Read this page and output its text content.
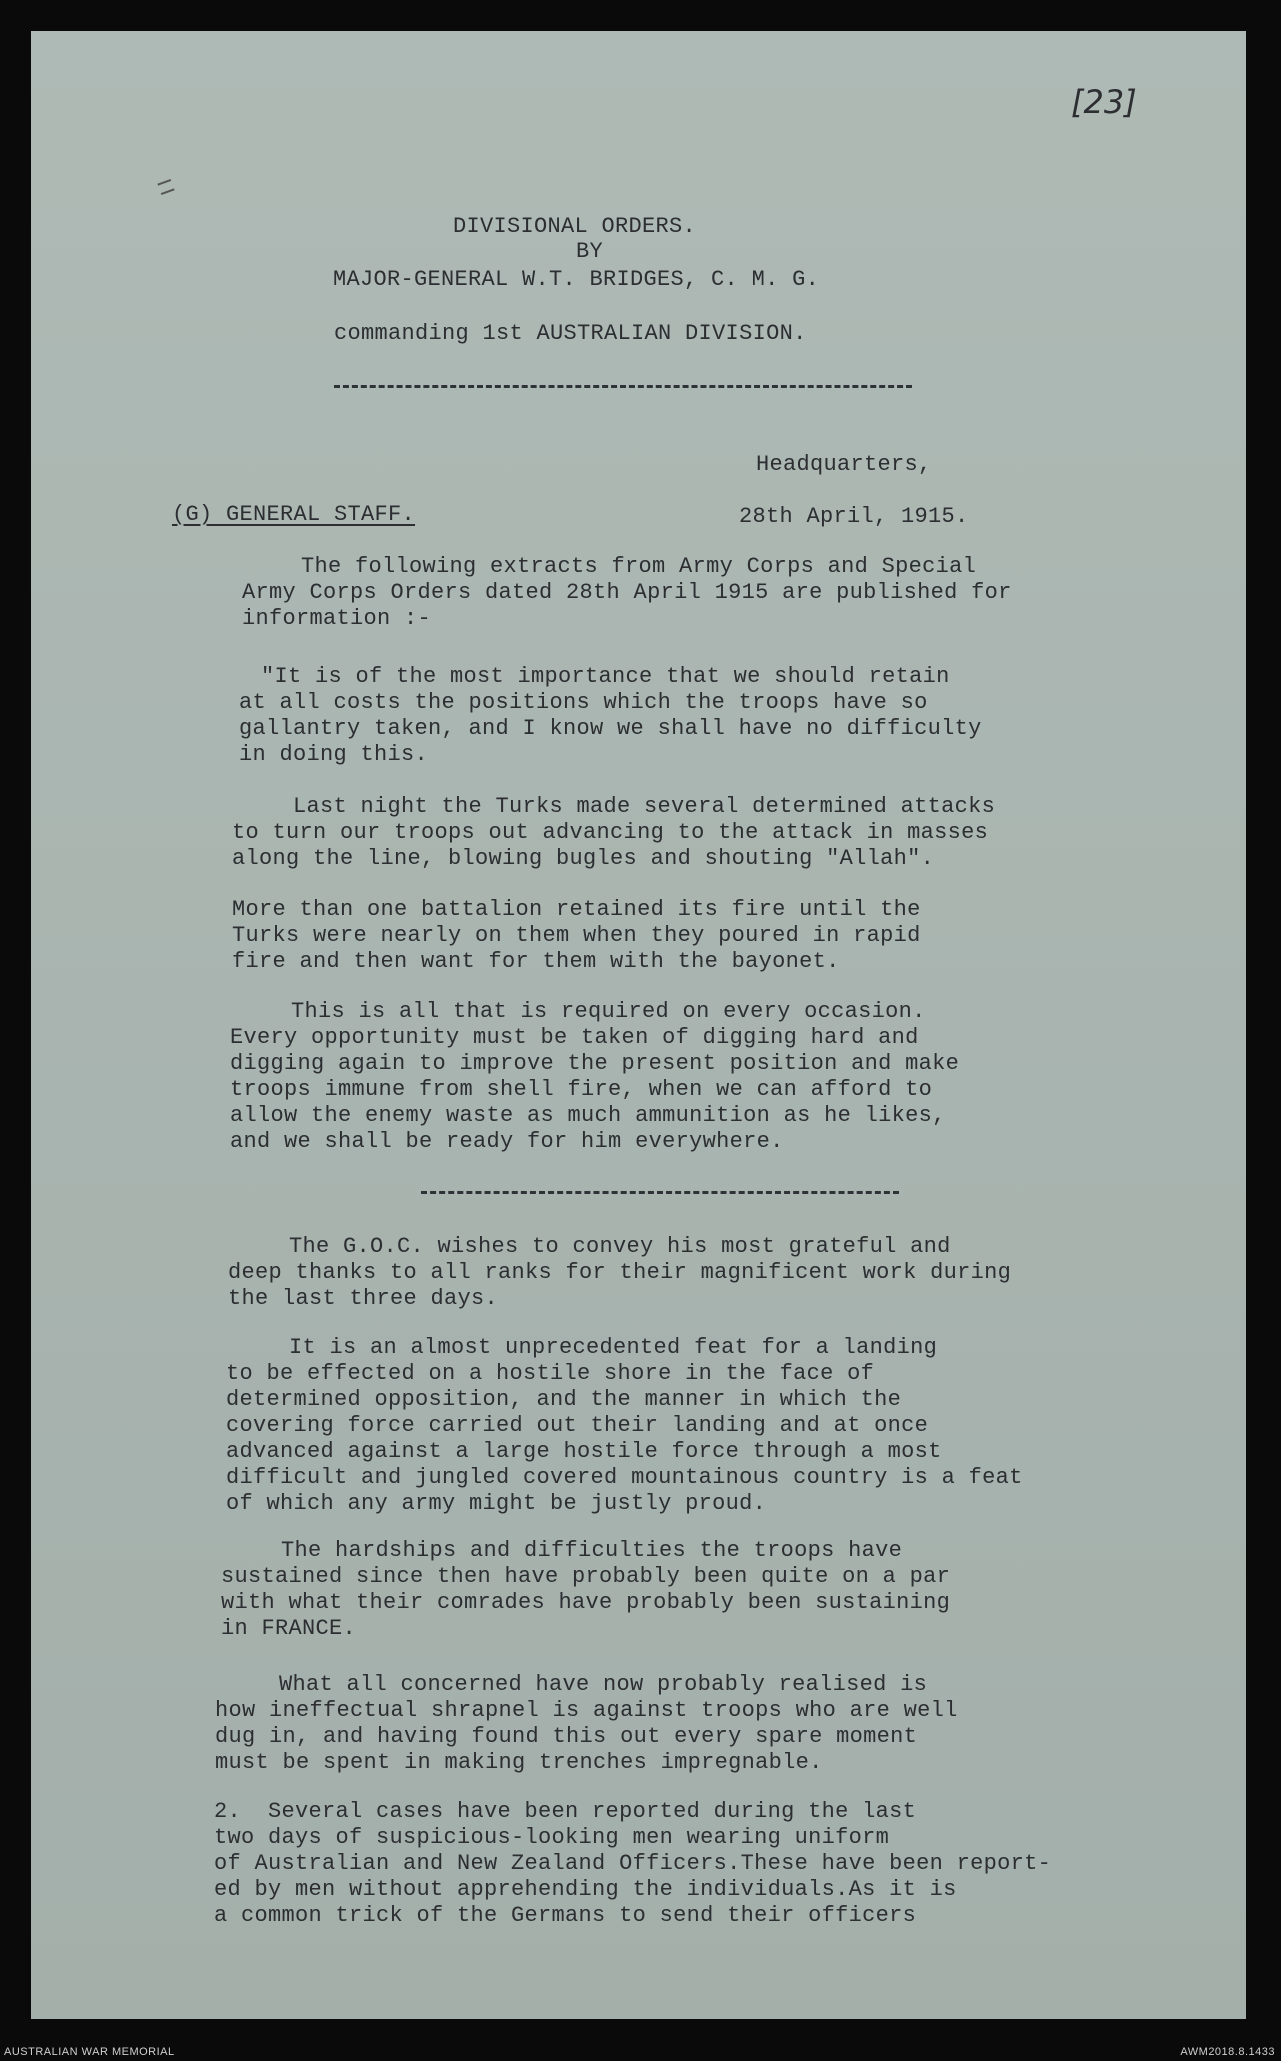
[23]
DIVISIONAL ORDERS.
BY
MAJOR-GENERAL W.T. BRIDGES, C. M. G.
commanding 1st AUSTRALIAN DIVISION.
Headquarters,
(G) GENERAL STAFF.	28th April, 1915.
The following extracts from Army Corps and Special
Army Corps Orders dated 28th April 1915 are published for
information :-
"It is of the most importance that we should retain
at all costs the positions which the troops have so
gallantry taken, and I know we shall have no difficulty
in doing this.
Last night the Turks made several determined attacks
to turn our troops out advancing to the attack in masses
along the line, blowing bugles and shouting "Allah".
More than one battalion retained its fire until the
Turks were nearly on them when they poured in rapid
fire and then want for them with the bayonet.
This is all that is required on every occasion.
Every opportunity must be taken of digging hard and
digging again to improve the present position and make
troops immune from shell fire, when we can afford to
allow the enemy waste as much ammunition as he likes,
and we shall be ready for him everywhere.
The G.O.C. wishes to convey his most grateful and
deep thanks to all ranks for their magnificent work during
the last three days.
It is an almost unprecedented feat for a landing
to be effected on a hostile shore in the face of
determined opposition, and the manner in which the
covering force carried out their landing and at once
advanced against a large hostile force through a most
difficult and jungled covered mountainous country is a feat
of which any army might be justly proud.
The hardships and difficulties the troops have
sustained since then have probably been quite on a par
with what their comrades have probably been sustaining
in FRANCE.
What all concerned have now probably realised is
how ineffectual shrapnel is against troops who are well
dug in, and having found this out every spare moment
must be spent in making trenches impregnable.
2.  Several cases have been reported during the last
two days of suspicious-looking men wearing uniform
of Australian and New Zealand Officers.These have been report-
ed by men without apprehending the individuals.As it is
a common trick of the Germans to send their officers
AUSTRALIAN WAR MEMORIAL	AWM2018.8.1433
